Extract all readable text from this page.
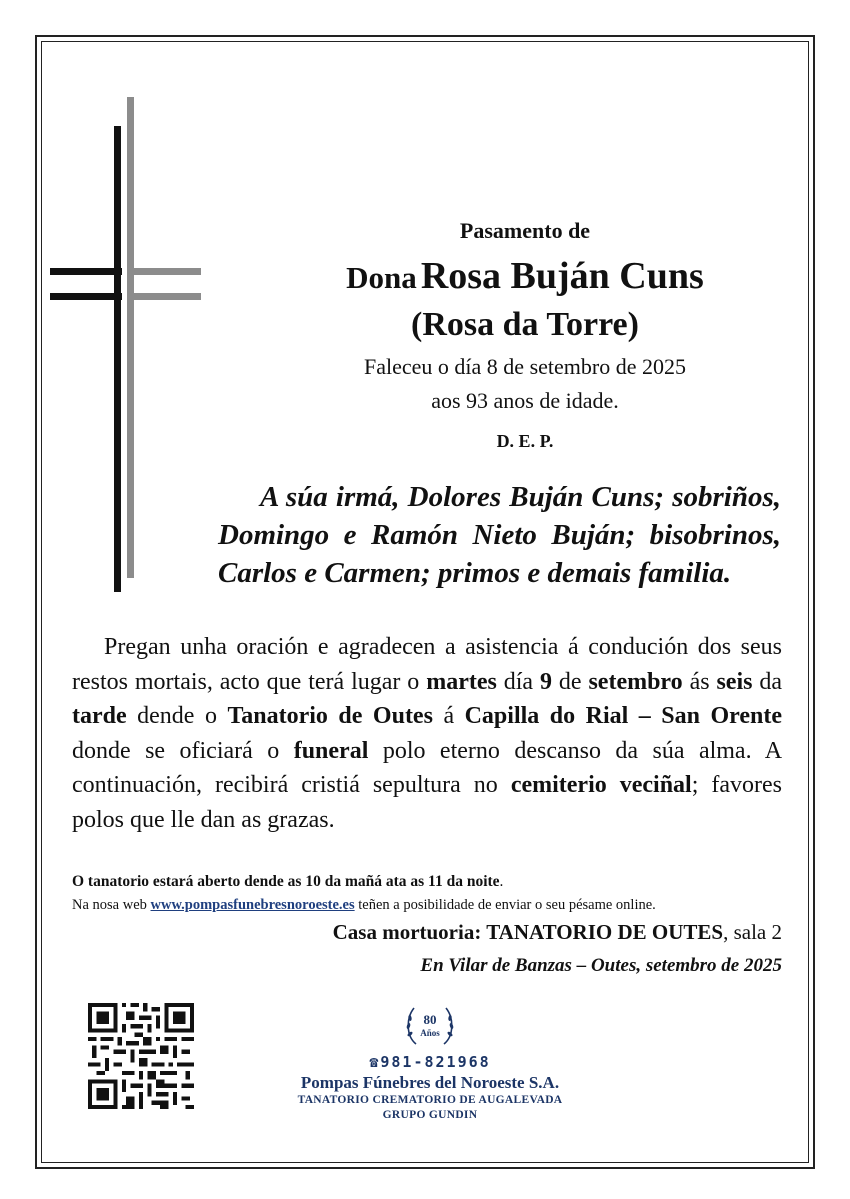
Pasamento de
Dona Rosa Buján Cuns
(Rosa da Torre)
Faleceu o día 8 de setembro de 2025
aos 93 anos de idade.
D. E. P.
A súa irmá, Dolores Buján Cuns; sobriños, Domingo e Ramón Nieto Buján; bisobrinos, Carlos e Carmen; primos e demais familia.
Pregan unha oración e agradecen a asistencia á condución dos seus restos mortais, acto que terá lugar o martes día 9 de setembro ás seis da tarde dende o Tanatorio de Outes á Capilla do Rial – San Orente donde se oficiará o funeral polo eterno descanso da súa alma. A continuación, recibirá cristiá sepultura no cemiterio veciñal; favores polos que lle dan as grazas.
O tanatorio estará aberto dende as 10 da mañá ata as 11 da noite.
Na nosa web www.pompasfunebresnoroeste.es teñen a posibilidade de enviar o seu pésame online.
Casa mortuoria: TANATORIO DE OUTES, sala 2
En Vilar de Banzas – Outes, setembro de 2025
80
Años
☎981-821968
Pompas Fúnebres del Noroeste S.A.
TANATORIO CREMATORIO DE AUGALEVADA
GRUPO GUNDIN
